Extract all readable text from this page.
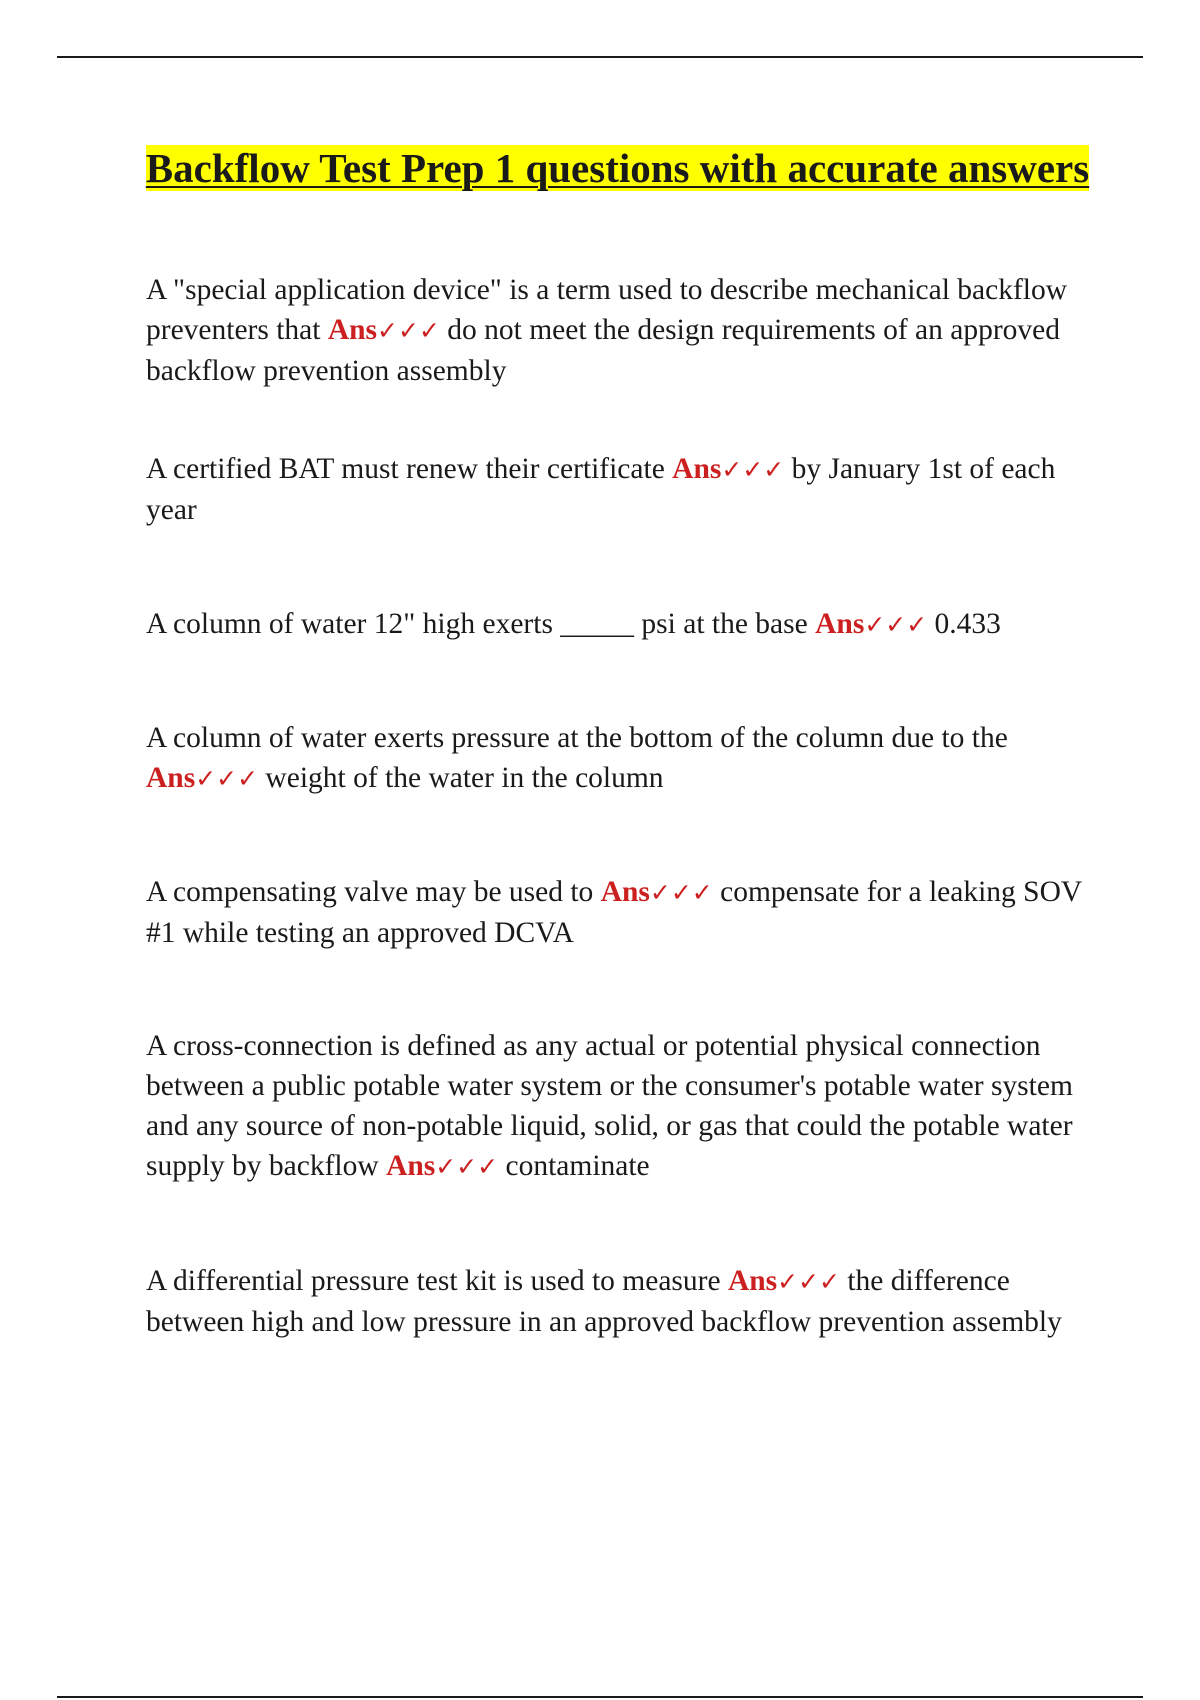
Backflow Test Prep 1 questions with accurate answers

A "special application device" is a term used to describe mechanical backflow preventers that Ans✓✓✓ do not meet the design requirements of an approved backflow prevention assembly

A certified BAT must renew their certificate Ans✓✓✓ by January 1st of each year

A column of water 12" high exerts _____ psi at the base Ans✓✓✓ 0.433

A column of water exerts pressure at the bottom of the column due to the Ans✓✓✓ weight of the water in the column

A compensating valve may be used to Ans✓✓✓ compensate for a leaking SOV #1 while testing an approved DCVA

A cross-connection is defined as any actual or potential physical connection between a public potable water system or the consumer's potable water system and any source of non-potable liquid, solid, or gas that could the potable water supply by backflow Ans✓✓✓ contaminate

A differential pressure test kit is used to measure Ans✓✓✓ the difference between high and low pressure in an approved backflow prevention assembly
